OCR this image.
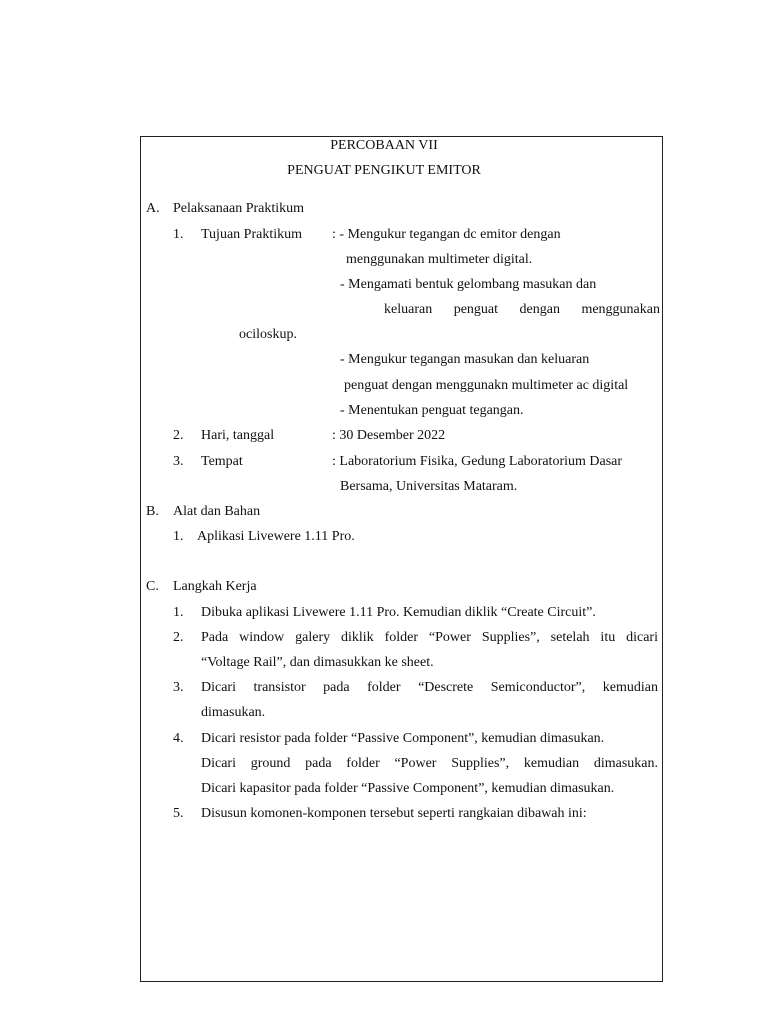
PERCOBAAN VII
PENGUAT PENGIKUT EMITOR
A. Pelaksanaan Praktikum
1. Tujuan Praktikum : - Mengukur tegangan dc emitor dengan
menggunakan multimeter digital.
- Mengamati bentuk gelombang masukan dan
keluaran penguat dengan menggunakan
ociloskup.
- Mengukur tegangan masukan dan keluaran
penguat dengan menggunakn multimeter ac digital
- Menentukan penguat tegangan.
2. Hari, tanggal	: 30 Desember 2022
3. Tempat	: Laboratorium Fisika, Gedung Laboratorium Dasar
Bersama, Universitas Mataram.
B. Alat dan Bahan
1. Aplikasi Livewere 1.11 Pro.
C. Langkah Kerja
1. Dibuka aplikasi Livewere 1.11 Pro. Kemudian diklik “Create Circuit”.
2. Pada window galery diklik folder “Power Supplies”, setelah itu dicari
“Voltage Rail”, dan dimasukkan ke sheet.
3. Dicari transistor pada folder “Descrete Semiconductor”, kemudian
dimasukan.
4. Dicari resistor pada folder “Passive Component”, kemudian dimasukan.
Dicari ground pada folder “Power Supplies”, kemudian dimasukan.
Dicari kapasitor pada folder “Passive Component”, kemudian dimasukan.
5. Disusun komonen-komponen tersebut seperti rangkaian dibawah ini:
